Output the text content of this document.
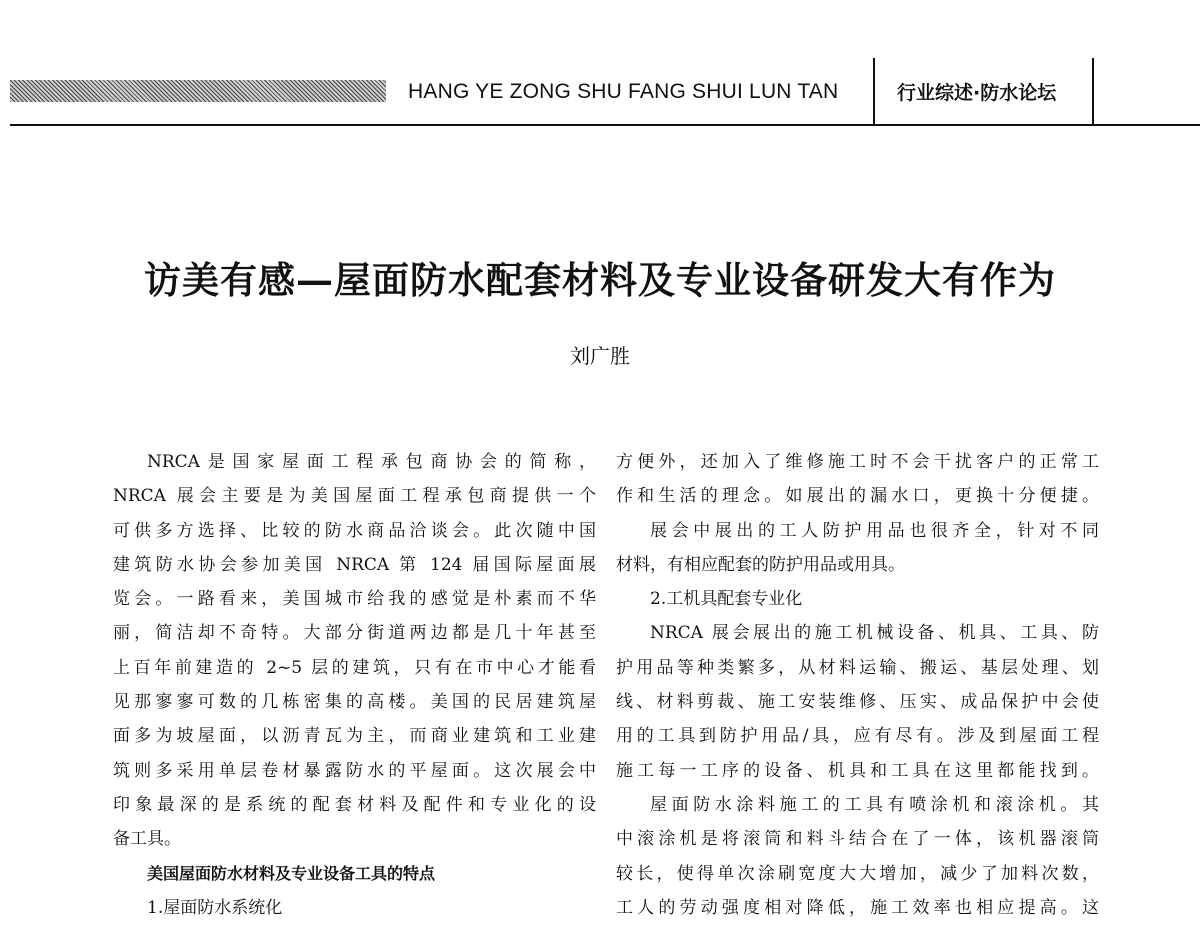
HANG YE ZONG SHU FANG SHUI LUN TAN	行业综述·防水论坛
访美有感—屋面防水配套材料及专业设备研发大有作为
刘广胜
NRCA是国家屋面工程承包商协会的简称，
NRCA 展会主要是为美国屋面工程承包商提供一个
可供多方选择、比较的防水商品洽谈会。此次随中国
建筑防水协会参加美国 NRCA 第 124 届国际屋面展
览会。一路看来，美国城市给我的感觉是朴素而不华
丽，简洁却不奇特。大部分街道两边都是几十年甚至
上百年前建造的 2~5 层的建筑，只有在市中心才能看
见那寥寥可数的几栋密集的高楼。美国的民居建筑屋
面多为坡屋面，以沥青瓦为主，而商业建筑和工业建
筑则多采用单层卷材暴露防水的平屋面。这次展会中
印象最深的是系统的配套材料及配件和专业化的设
备工具。
美国屋面防水材料及专业设备工具的特点
1.屋面防水系统化
方便外，还加入了维修施工时不会干扰客户的正常工
作和生活的理念。如展出的漏水口，更换十分便捷。
展会中展出的工人防护用品也很齐全，针对不同
材料，有相应配套的防护用品或用具。
2.工机具配套专业化
NRCA 展会展出的施工机械设备、机具、工具、防
护用品等种类繁多，从材料运输、搬运、基层处理、划
线、材料剪裁、施工安装维修、压实、成品保护中会使
用的工具到防护用品/具，应有尽有。涉及到屋面工程
施工每一工序的设备、机具和工具在这里都能找到。
屋面防水涂料施工的工具有喷涂机和滚涂机。其
中滚涂机是将滚筒和料斗结合在了一体，该机器滚筒
较长，使得单次涂刷宽度大大增加，减少了加料次数，
工人的劳动强度相对降低，施工效率也相应提高。这
